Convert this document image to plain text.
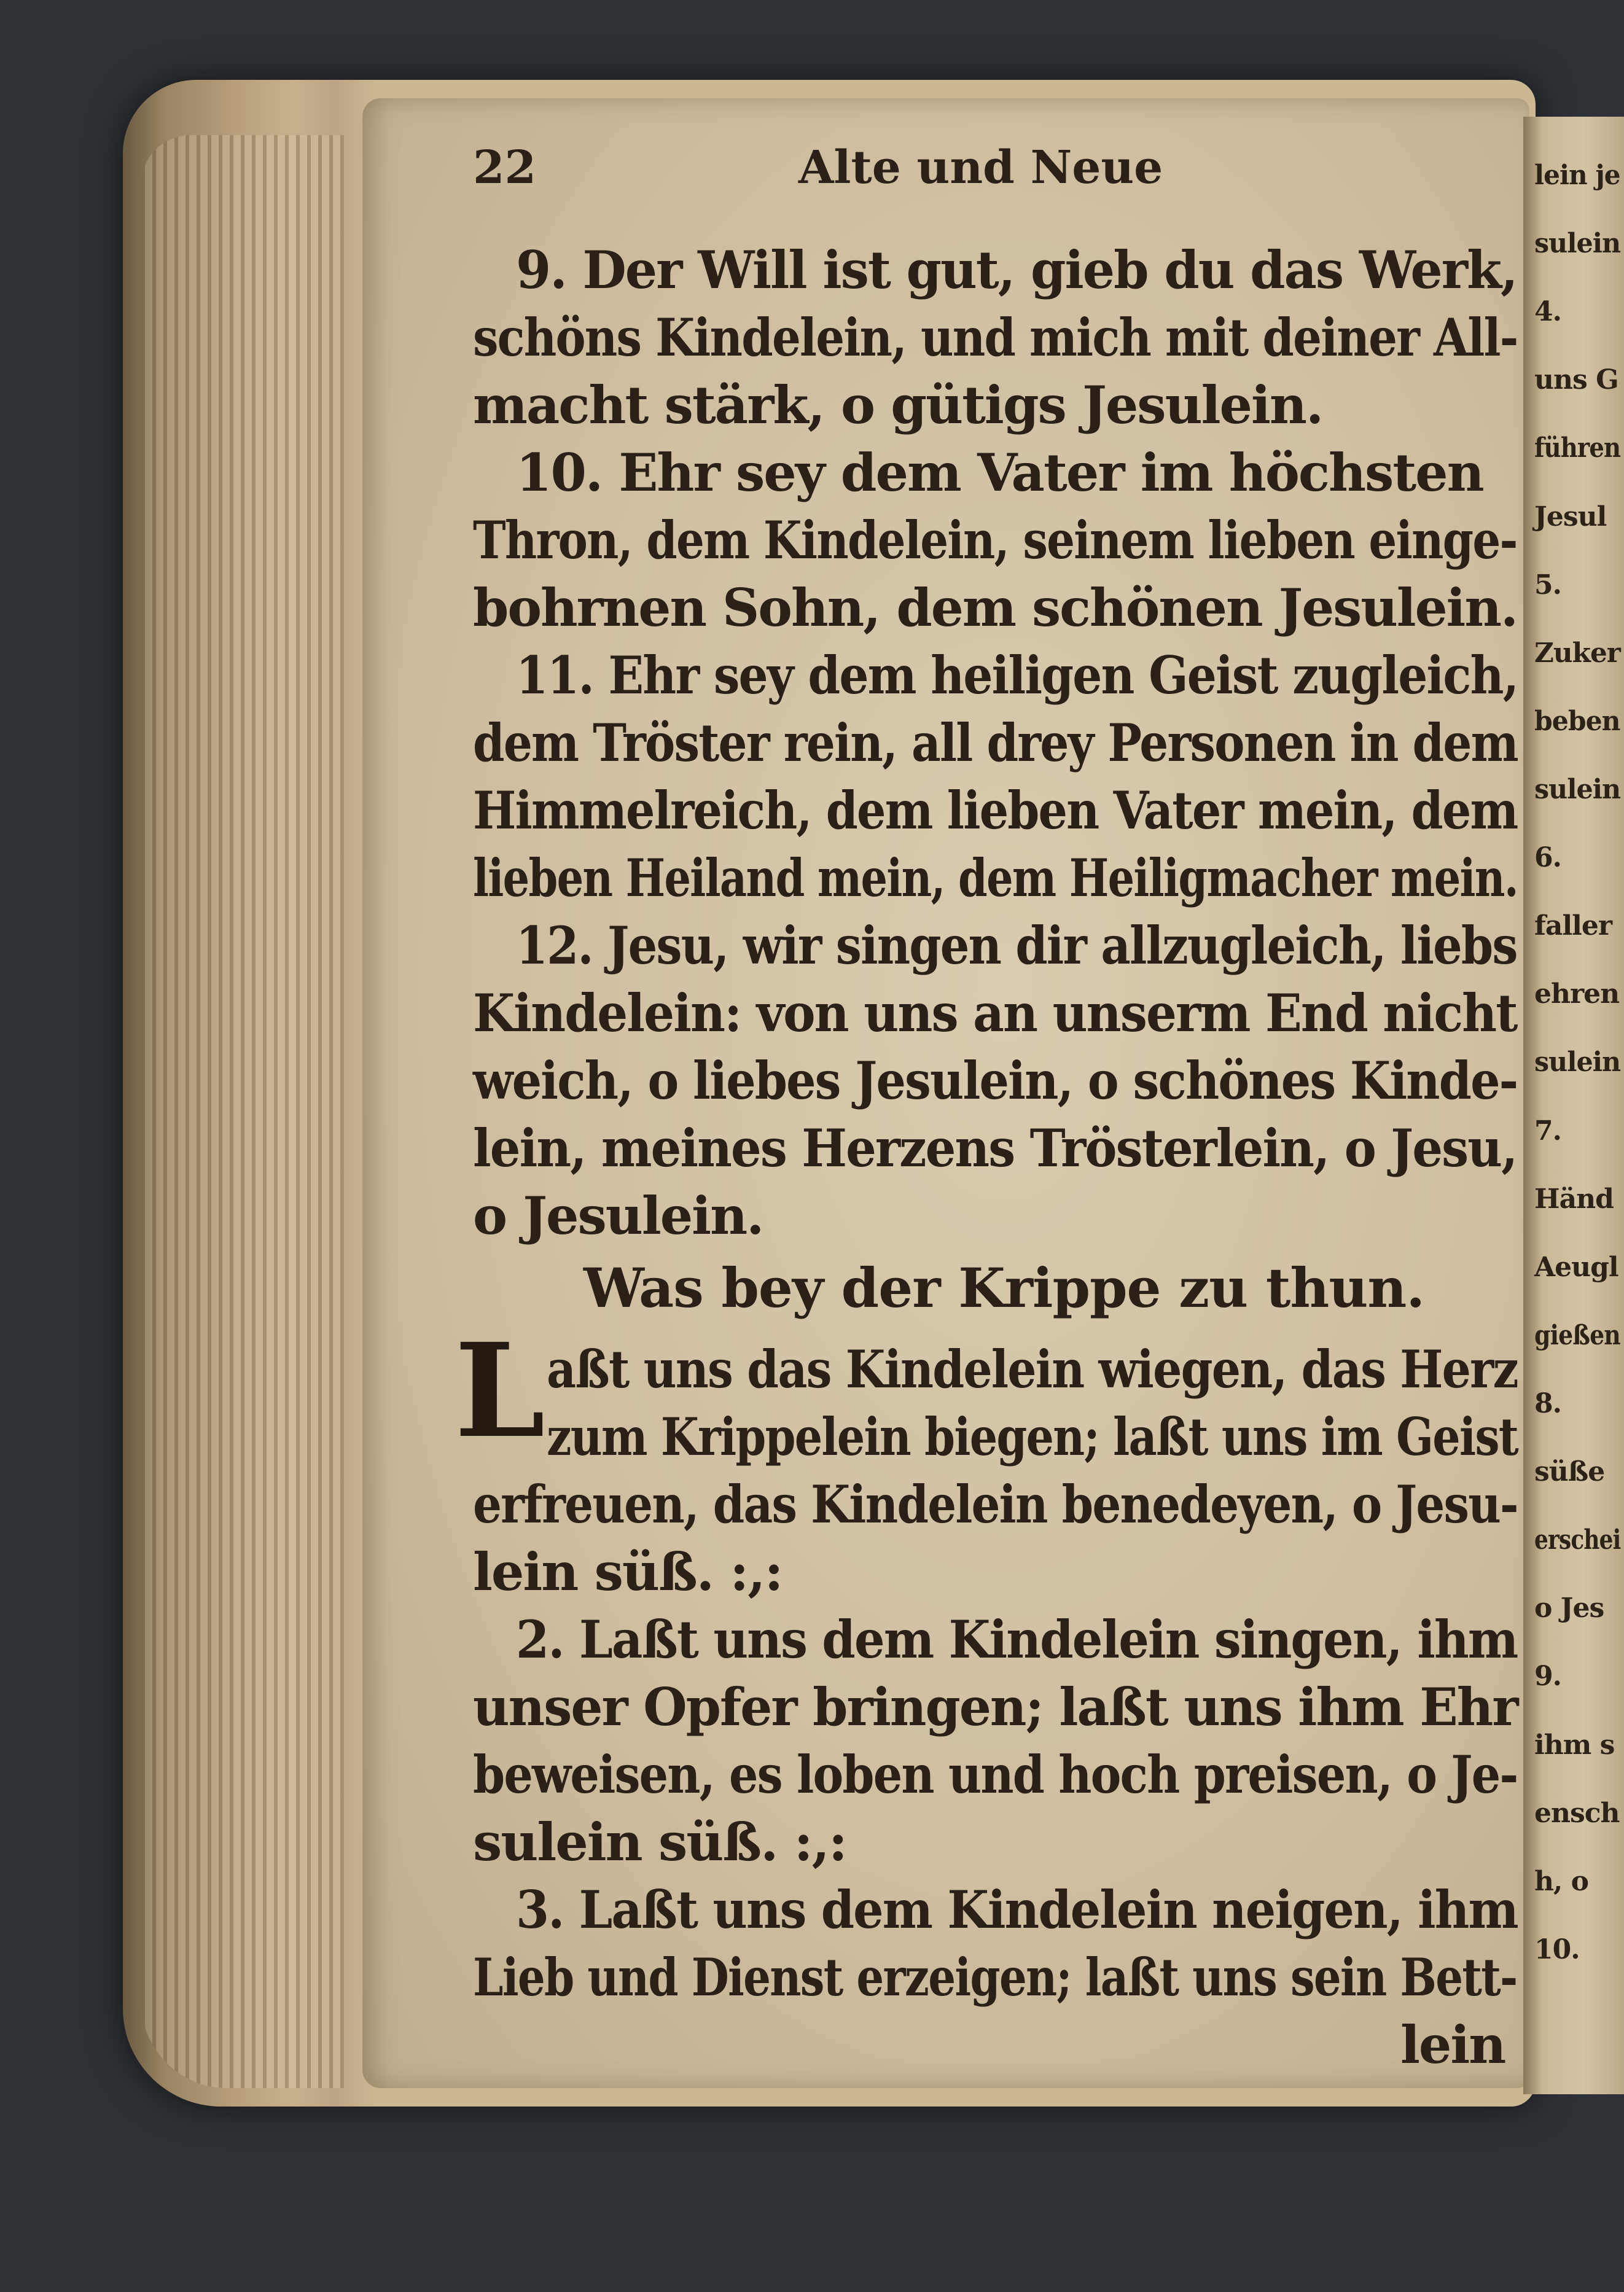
lein je
sulein
4.
uns G
führen
Jesul
5.
Zuker
beben
sulein
6.
faller
ehren
sulein
7.
Händ
Aeugl
gießen
8.
süße
erschei
o Jes
9.
ihm s
ensch
h, o
10.
22	Alte und Neue
9. Der Will ist gut, gieb du das Werk,
schöns Kindelein, und mich mit deiner All-
macht stärk, o gütigs Jesulein.
10. Ehr sey dem Vater im höchsten
Thron, dem Kindelein, seinem lieben einge-
bohrnen Sohn, dem schönen Jesulein.
11. Ehr sey dem heiligen Geist zugleich,
dem Tröster rein, all drey Personen in dem
Himmelreich, dem lieben Vater mein, dem
lieben Heiland mein, dem Heiligmacher mein.
12. Jesu, wir singen dir allzugleich, liebs
Kindelein: von uns an unserm End nicht
weich, o liebes Jesulein, o schönes Kinde-
lein, meines Herzens Trösterlein, o Jesu,
o Jesulein.
Was bey der Krippe zu thun.
L aßt uns das Kindelein wiegen, das Herz
zum Krippelein biegen; laßt uns im Geist
erfreuen, das Kindelein benedeyen, o Jesu-
lein süß. :,:
2. Laßt uns dem Kindelein singen, ihm
unser Opfer bringen; laßt uns ihm Ehr
beweisen, es loben und hoch preisen, o Je-
sulein süß. :,:
3. Laßt uns dem Kindelein neigen, ihm
Lieb und Dienst erzeigen; laßt uns sein Bett-
lein
